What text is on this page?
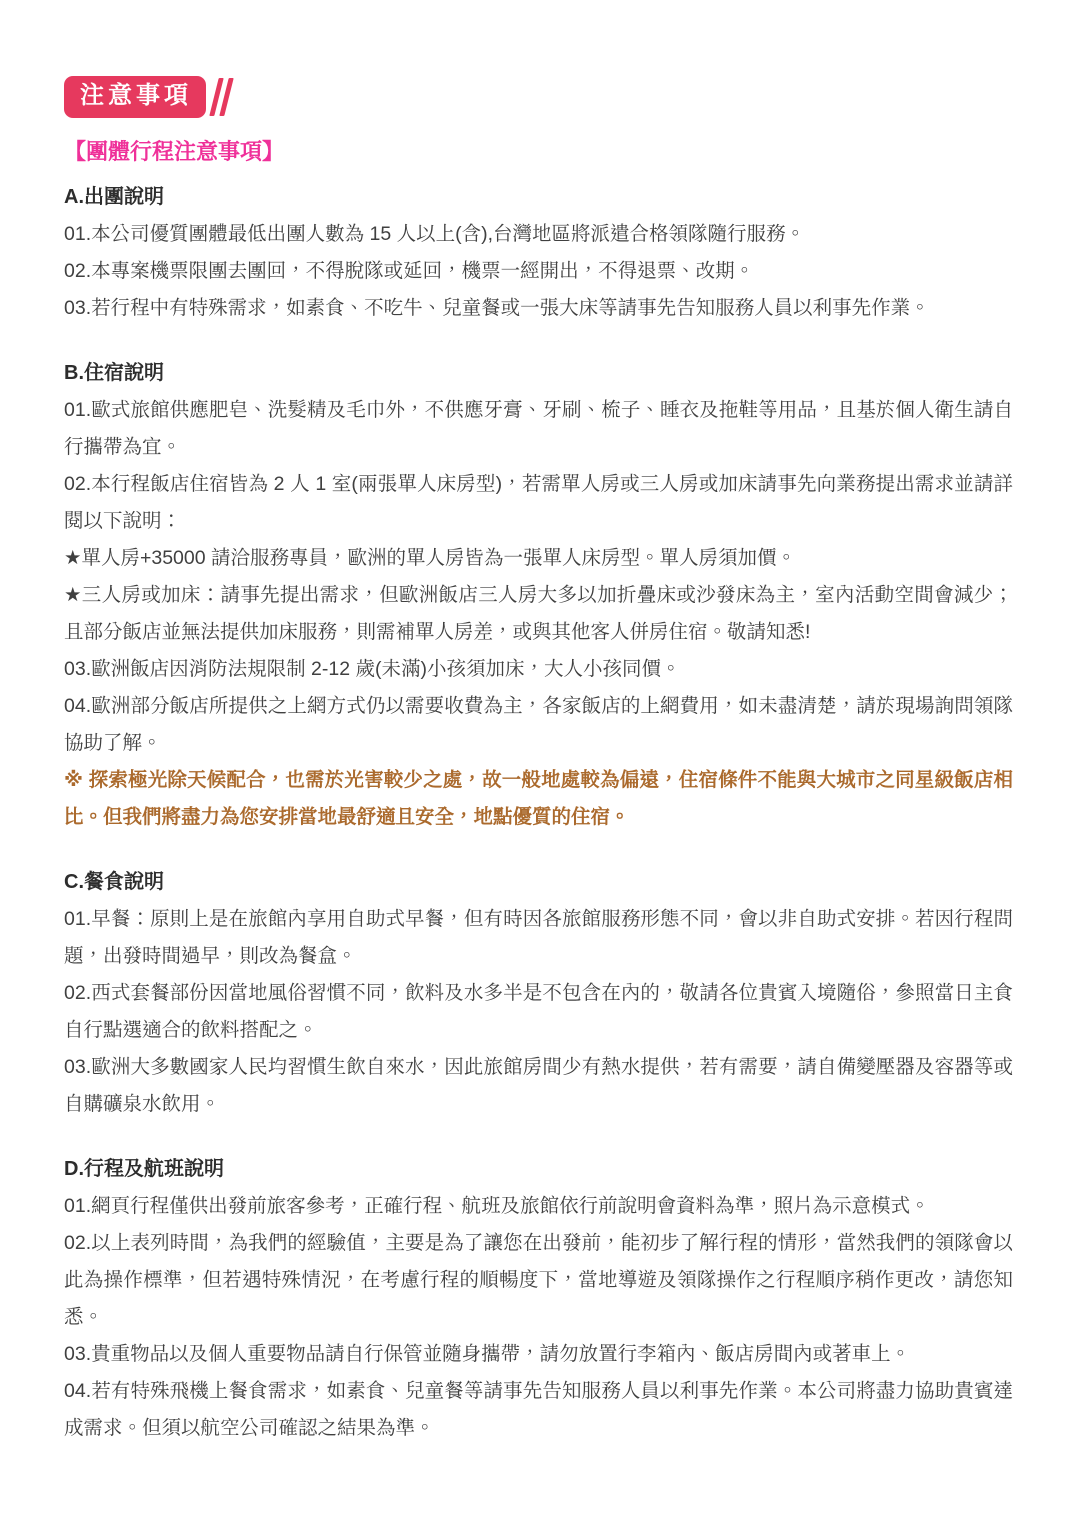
注意事項
【團體行程注意事項】

A.出團說明

01.本公司優質團體最低出團人數為 15 人以上(含),台灣地區將派遣合格領隊隨行服務。

02.本專案機票限團去團回，不得脫隊或延回，機票一經開出，不得退票、改期。

03.若行程中有特殊需求，如素食、不吃牛、兒童餐或一張大床等請事先告知服務人員以利事先作業。

B.住宿說明

01.歐式旅館供應肥皂、洗髮精及毛巾外，不供應牙膏、牙刷、梳子、睡衣及拖鞋等用品，且基於個人衛生請自行攜帶為宜。

02.本行程飯店住宿皆為 2 人 1 室(兩張單人床房型)，若需單人房或三人房或加床請事先向業務提出需求並請詳閱以下說明：

★單人房+35000 請洽服務專員，歐洲的單人房皆為一張單人床房型。單人房須加價。

★三人房或加床：請事先提出需求，但歐洲飯店三人房大多以加折疊床或沙發床為主，室內活動空間會減少；且部分飯店並無法提供加床服務，則需補單人房差，或與其他客人併房住宿。敬請知悉!

03.歐洲飯店因消防法規限制 2-12 歲(未滿)小孩須加床，大人小孩同價。

04.歐洲部分飯店所提供之上網方式仍以需要收費為主，各家飯店的上網費用，如未盡清楚，請於現場詢問領隊協助了解。

※ 探索極光除天候配合，也需於光害較少之處，故一般地處較為偏遠，住宿條件不能與大城市之同星級飯店相比。但我們將盡力為您安排當地最舒適且安全，地點優質的住宿。

C.餐食說明

01.早餐：原則上是在旅館內享用自助式早餐，但有時因各旅館服務形態不同，會以非自助式安排。若因行程問題，出發時間過早，則改為餐盒。

02.西式套餐部份因當地風俗習慣不同，飲料及水多半是不包含在內的，敬請各位貴賓入境隨俗，參照當日主食自行點選適合的飲料搭配之。

03.歐洲大多數國家人民均習慣生飲自來水，因此旅館房間少有熱水提供，若有需要，請自備變壓器及容器等或自購礦泉水飲用。

D.行程及航班說明

01.網頁行程僅供出發前旅客參考，正確行程、航班及旅館依行前說明會資料為準，照片為示意模式。

02.以上表列時間，為我們的經驗值，主要是為了讓您在出發前，能初步了解行程的情形，當然我們的領隊會以此為操作標準，但若遇特殊情況，在考慮行程的順暢度下，當地導遊及領隊操作之行程順序稍作更改，請您知悉。

03.貴重物品以及個人重要物品請自行保管並隨身攜帶，請勿放置行李箱內、飯店房間內或著車上。

04.若有特殊飛機上餐食需求，如素食、兒童餐等請事先告知服務人員以利事先作業。本公司將盡力協助貴賓達成需求。但須以航空公司確認之結果為準。
